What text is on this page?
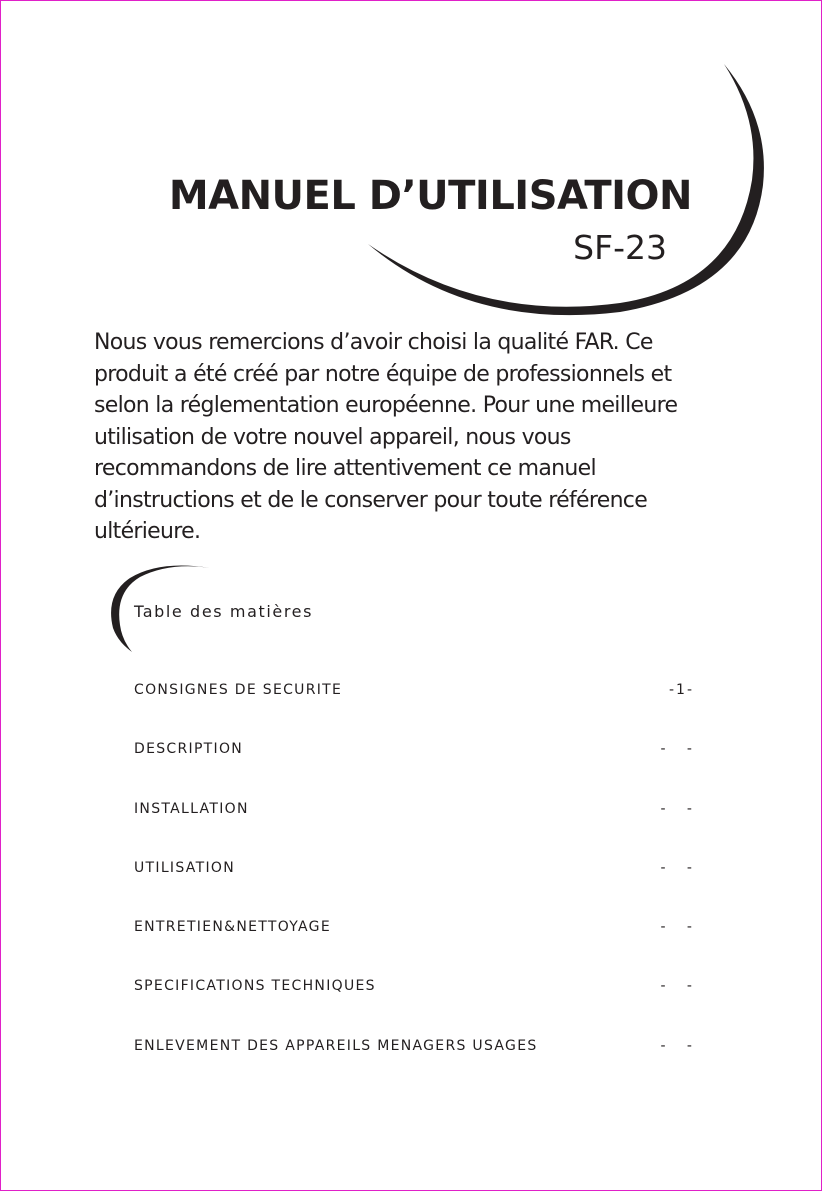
MANUEL D’UTILISATION
SF-23

Nous vous remercions d’avoir choisi la qualité FAR. Ce produit a été créé par notre équipe de professionnels et selon la réglementation européenne. Pour une meilleure utilisation de votre nouvel appareil, nous vous recommandons de lire attentivement ce manuel d’instructions et de le conserver pour toute référence ultérieure.

Table des matières
CONSIGNES DE SECURITE	-1-
DESCRIPTION	-   -
INSTALLATION	-   -
UTILISATION	-   -
ENTRETIEN&NETTOYAGE	-   -
SPECIFICATIONS TECHNIQUES	-   -
ENLEVEMENT DES APPAREILS MENAGERS USAGES	-   -
